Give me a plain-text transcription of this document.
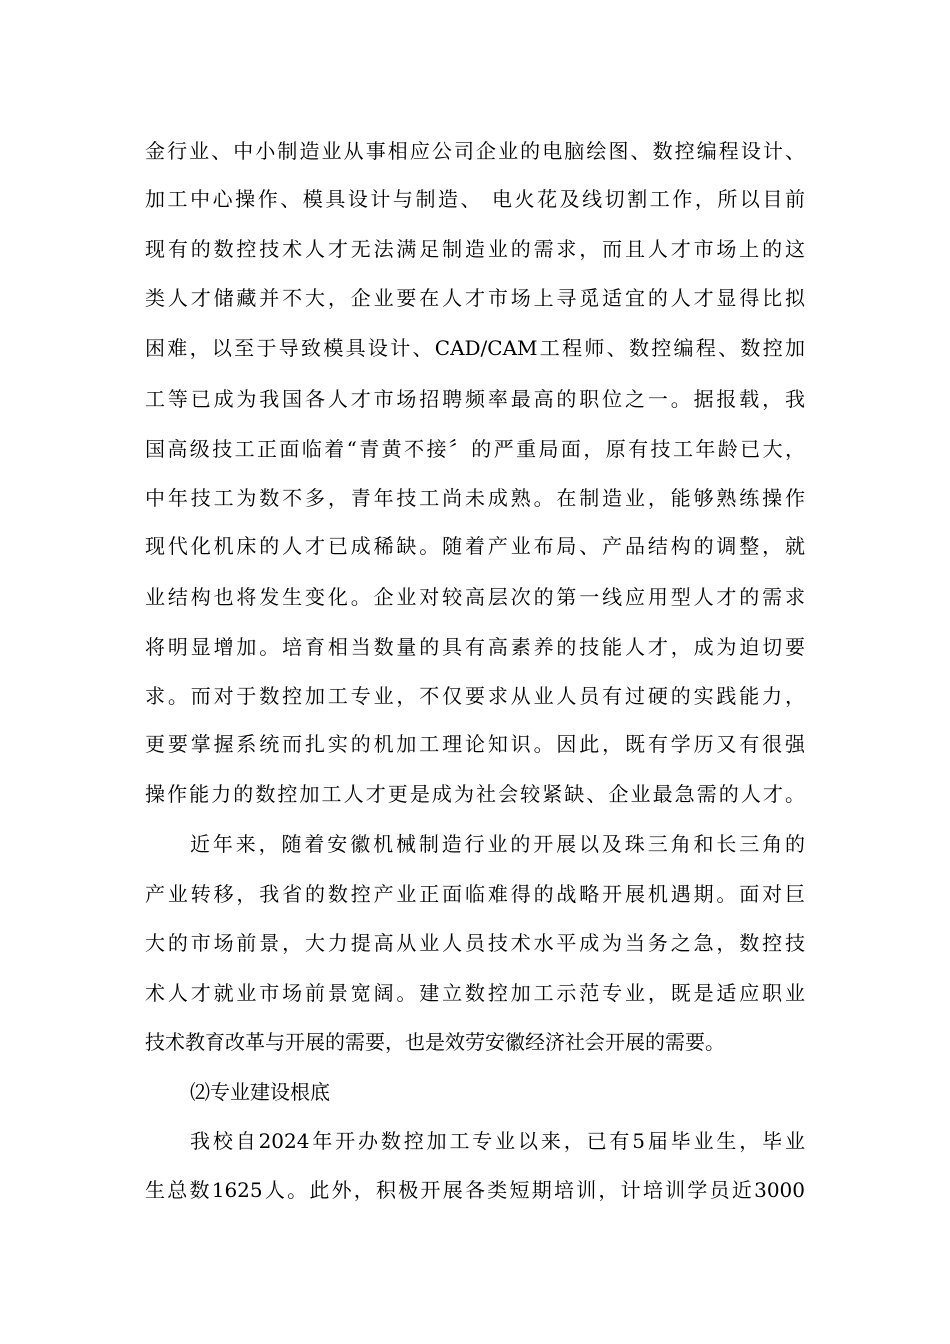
金行业、中小制造业从事相应公司企业的电脑绘图、数控编程设计、
加工中心操作、模具设计与制造、 电火花及线切割工作，所以目前
现有的数控技术人才无法满足制造业的需求，而且人才市场上的这
类人才储藏并不大，企业要在人才市场上寻觅适宜的人才显得比拟
困难，以至于导致模具设计、CAD/CAM工程师、数控编程、数控加
工等已成为我国各人才市场招聘频率最高的职位之一。据报载，我
国高级技工正面临着“青黄不接〞的严重局面，原有技工年龄已大，
中年技工为数不多，青年技工尚未成熟。在制造业，能够熟练操作
现代化机床的人才已成稀缺。随着产业布局、产品结构的调整，就
业结构也将发生变化。企业对较高层次的第一线应用型人才的需求
将明显增加。培育相当数量的具有高素养的技能人才，成为迫切要
求。而对于数控加工专业，不仅要求从业人员有过硬的实践能力，
更要掌握系统而扎实的机加工理论知识。因此，既有学历又有很强
操作能力的数控加工人才更是成为社会较紧缺、企业最急需的人才。
近年来，随着安徽机械制造行业的开展以及珠三角和长三角的
产业转移，我省的数控产业正面临难得的战略开展机遇期。面对巨
大的市场前景，大力提高从业人员技术水平成为当务之急，数控技
术人才就业市场前景宽阔。建立数控加工示范专业，既是适应职业
技术教育改革与开展的需要，也是效劳安徽经济社会开展的需要。
⑵专业建设根底
我校自2024年开办数控加工专业以来，已有5届毕业生，毕业
生总数1625人。此外，积极开展各类短期培训，计培训学员近3000
